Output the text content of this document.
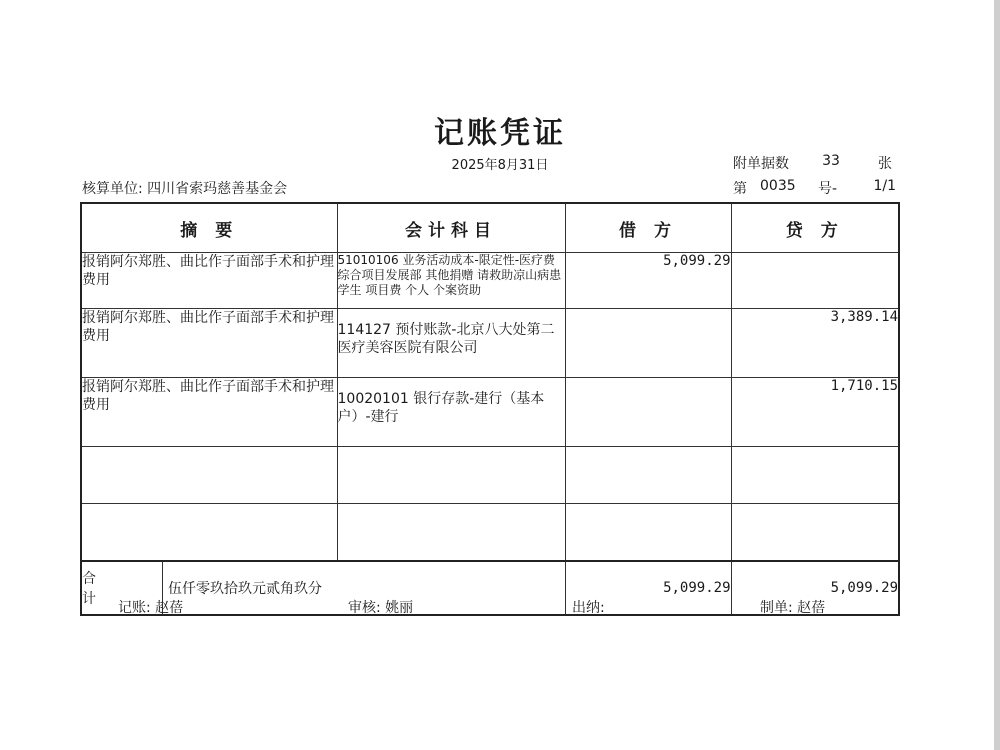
记账凭证
2025年8月31日	附单据数 33	张
核算单位: 四川省索玛慈善基金会	第 0035 号-	1/1
摘 要	会计科目	借 方	贷 方
报销阿尔郑胜、曲比作子面部手术和护理费用	51010106 业务活动成本-限定性-医疗费 综合项目发展部 其他捐赠 请救助凉山病患学生 项目费 个人 个案资助	5,099.29	
报销阿尔郑胜、曲比作子面部手术和护理费用	114127 预付账款-北京八大处第二医疗美容医院有限公司		3,389.14
报销阿尔郑胜、曲比作子面部手术和护理费用	10020101 银行存款-建行（基本户）-建行		1,710.15

合 计
伍仟零玖拾玖元贰角玖分		5,099.29	5,099.29
记账: 赵蓓	审核: 姚丽	出纳:	制单: 赵蓓
